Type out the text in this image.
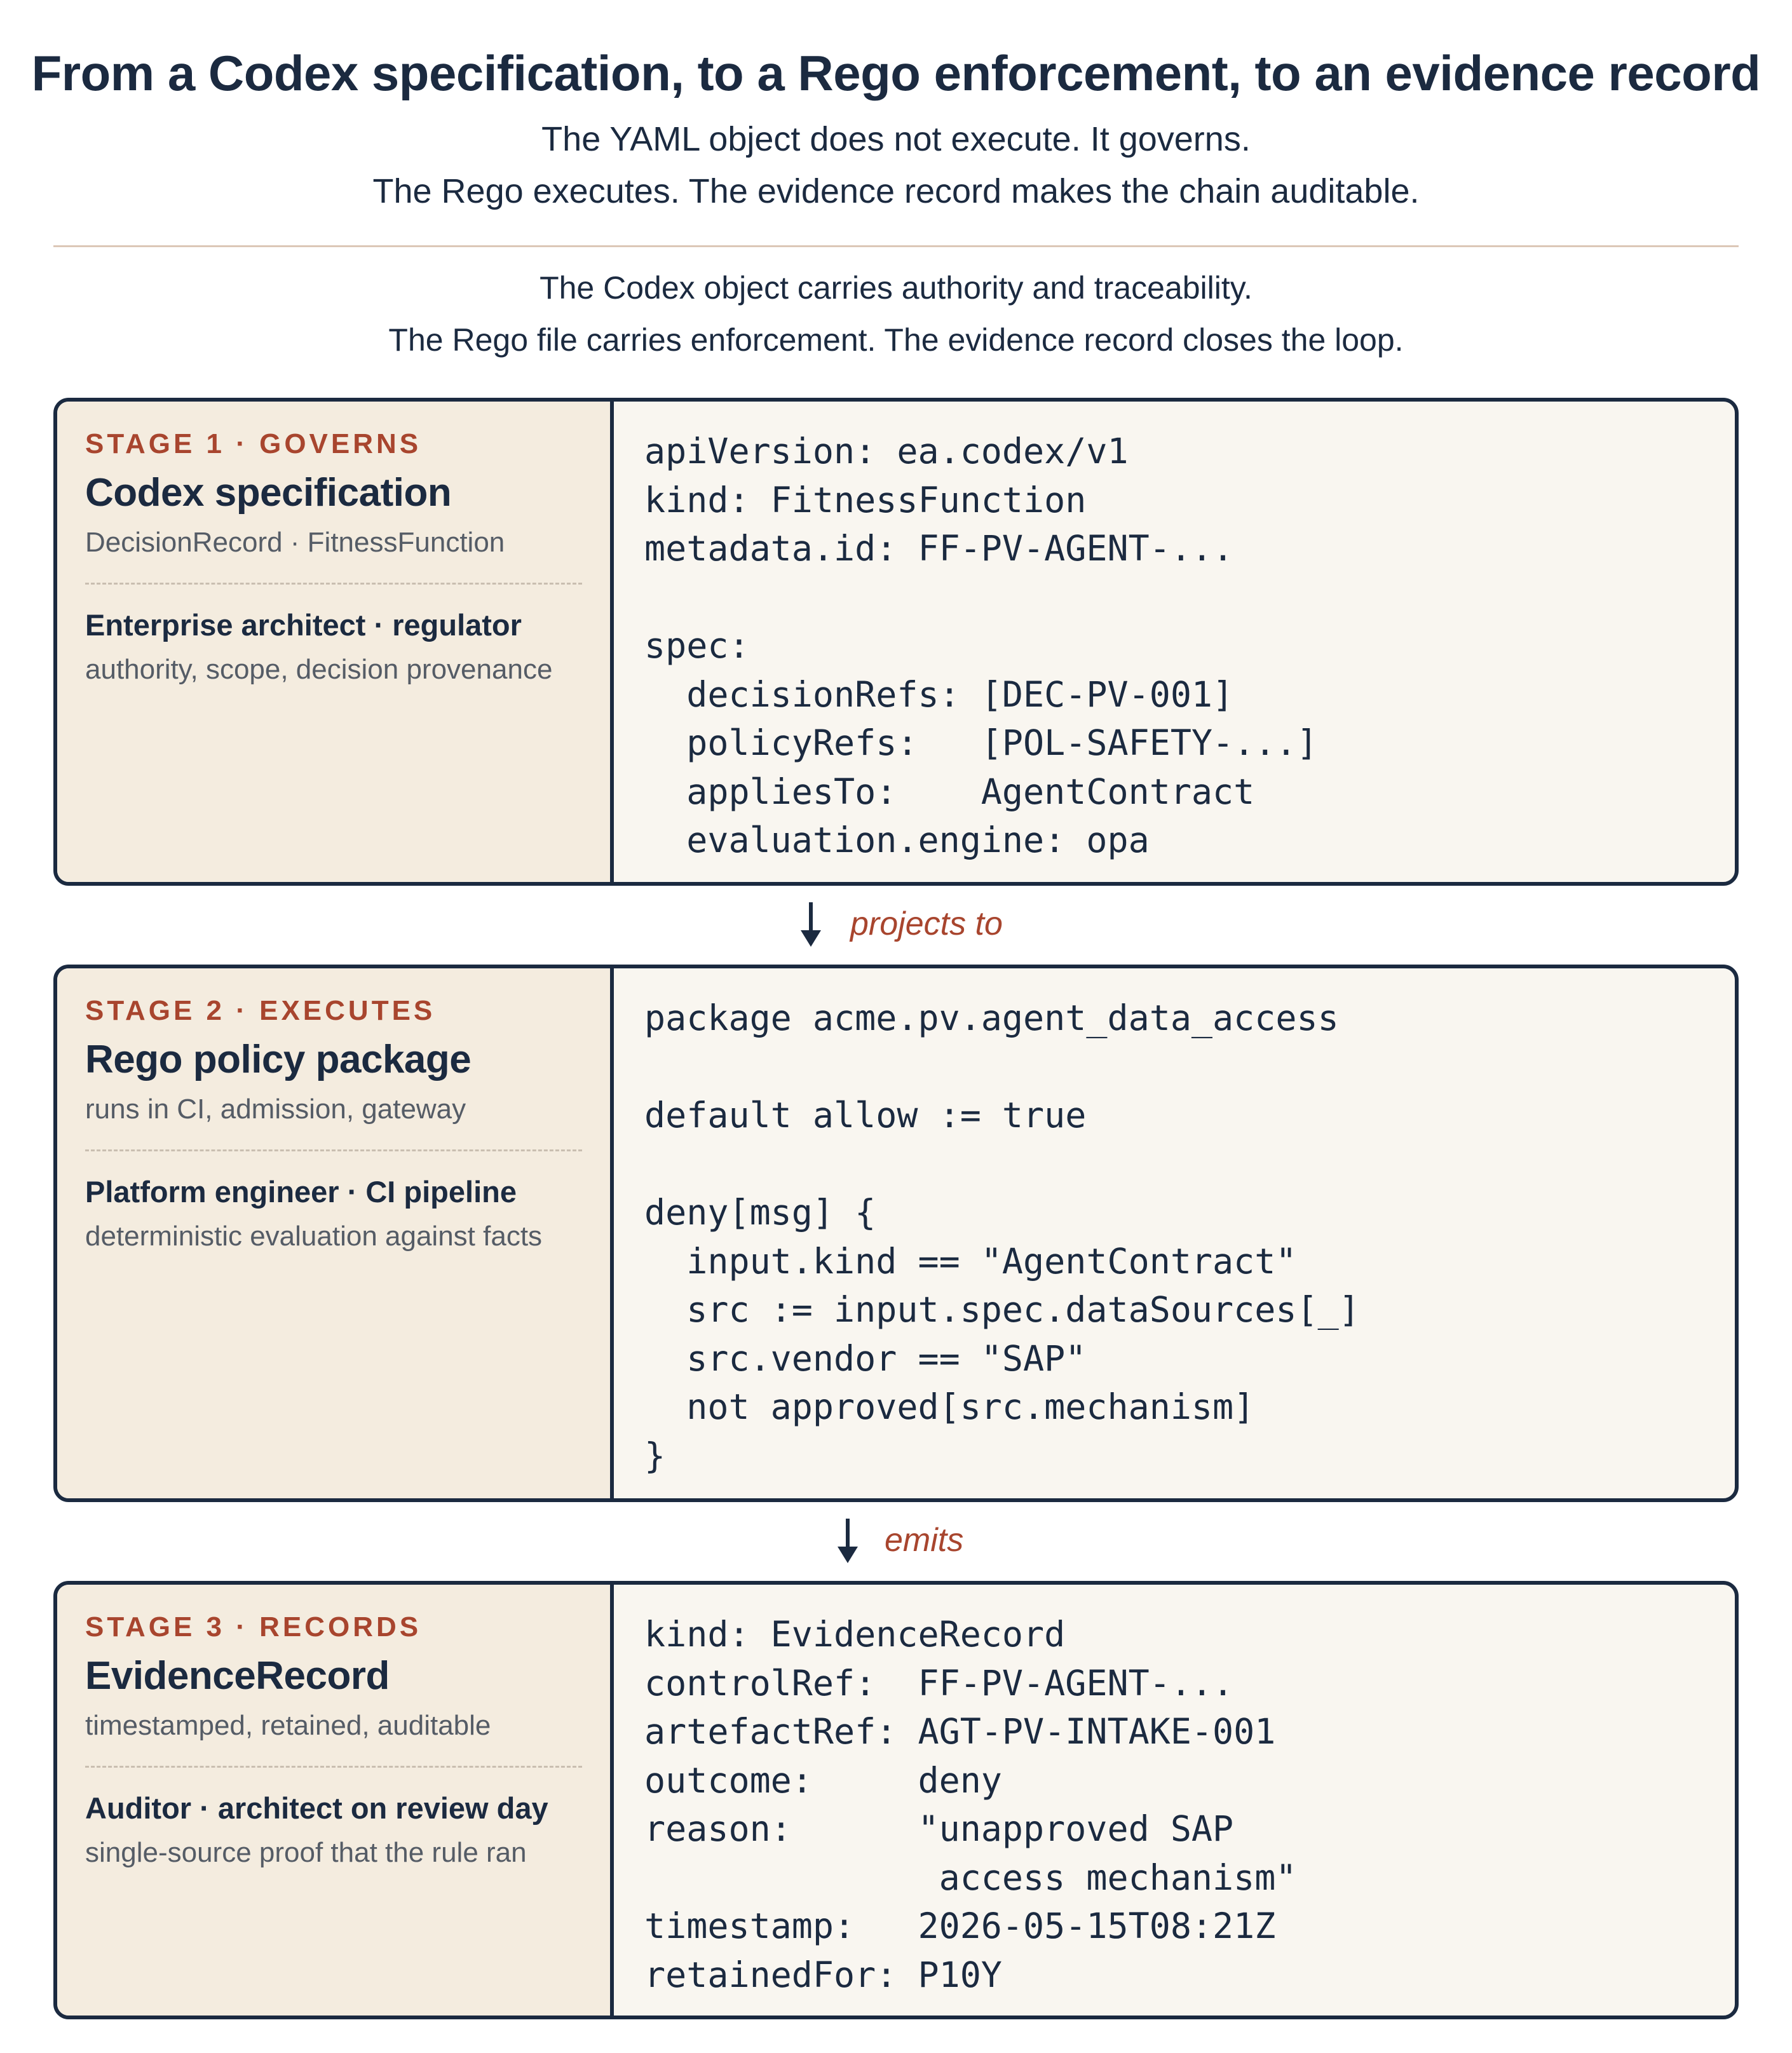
From a Codex specification, to a Rego enforcement, to an evidence record
The YAML object does not execute. It governs.
The Rego executes. The evidence record makes the chain auditable.
The Codex object carries authority and traceability.
The Rego file carries enforcement. The evidence record closes the loop.
STAGE 1 · GOVERNS
Codex specification
DecisionRecord · FitnessFunction
Enterprise architect · regulator
authority, scope, decision provenance
apiVersion: ea.codex/v1
kind: FitnessFunction
metadata.id: FF-PV-AGENT-...

spec:
decisionRefs: [DEC-PV-001]
policyRefs:   [POL-SAFETY-...]
appliesTo:    AgentContract
evaluation.engine: opa
projects to
STAGE 2 · EXECUTES
Rego policy package
runs in CI, admission, gateway
Platform engineer · CI pipeline
deterministic evaluation against facts
package acme.pv.agent_data_access

default allow := true

deny[msg] {
input.kind == "AgentContract"
src := input.spec.dataSources[_]
src.vendor == "SAP"
not approved[src.mechanism]
}
emits
STAGE 3 · RECORDS
EvidenceRecord
timestamped, retained, auditable
Auditor · architect on review day
single-source proof that the rule ran
kind: EvidenceRecord
controlRef:  FF-PV-AGENT-...
artefactRef: AGT-PV-INTAKE-001
outcome:     deny
reason:      "unapproved SAP
access mechanism"
timestamp:   2026-05-15T08:21Z
retainedFor: P10Y
